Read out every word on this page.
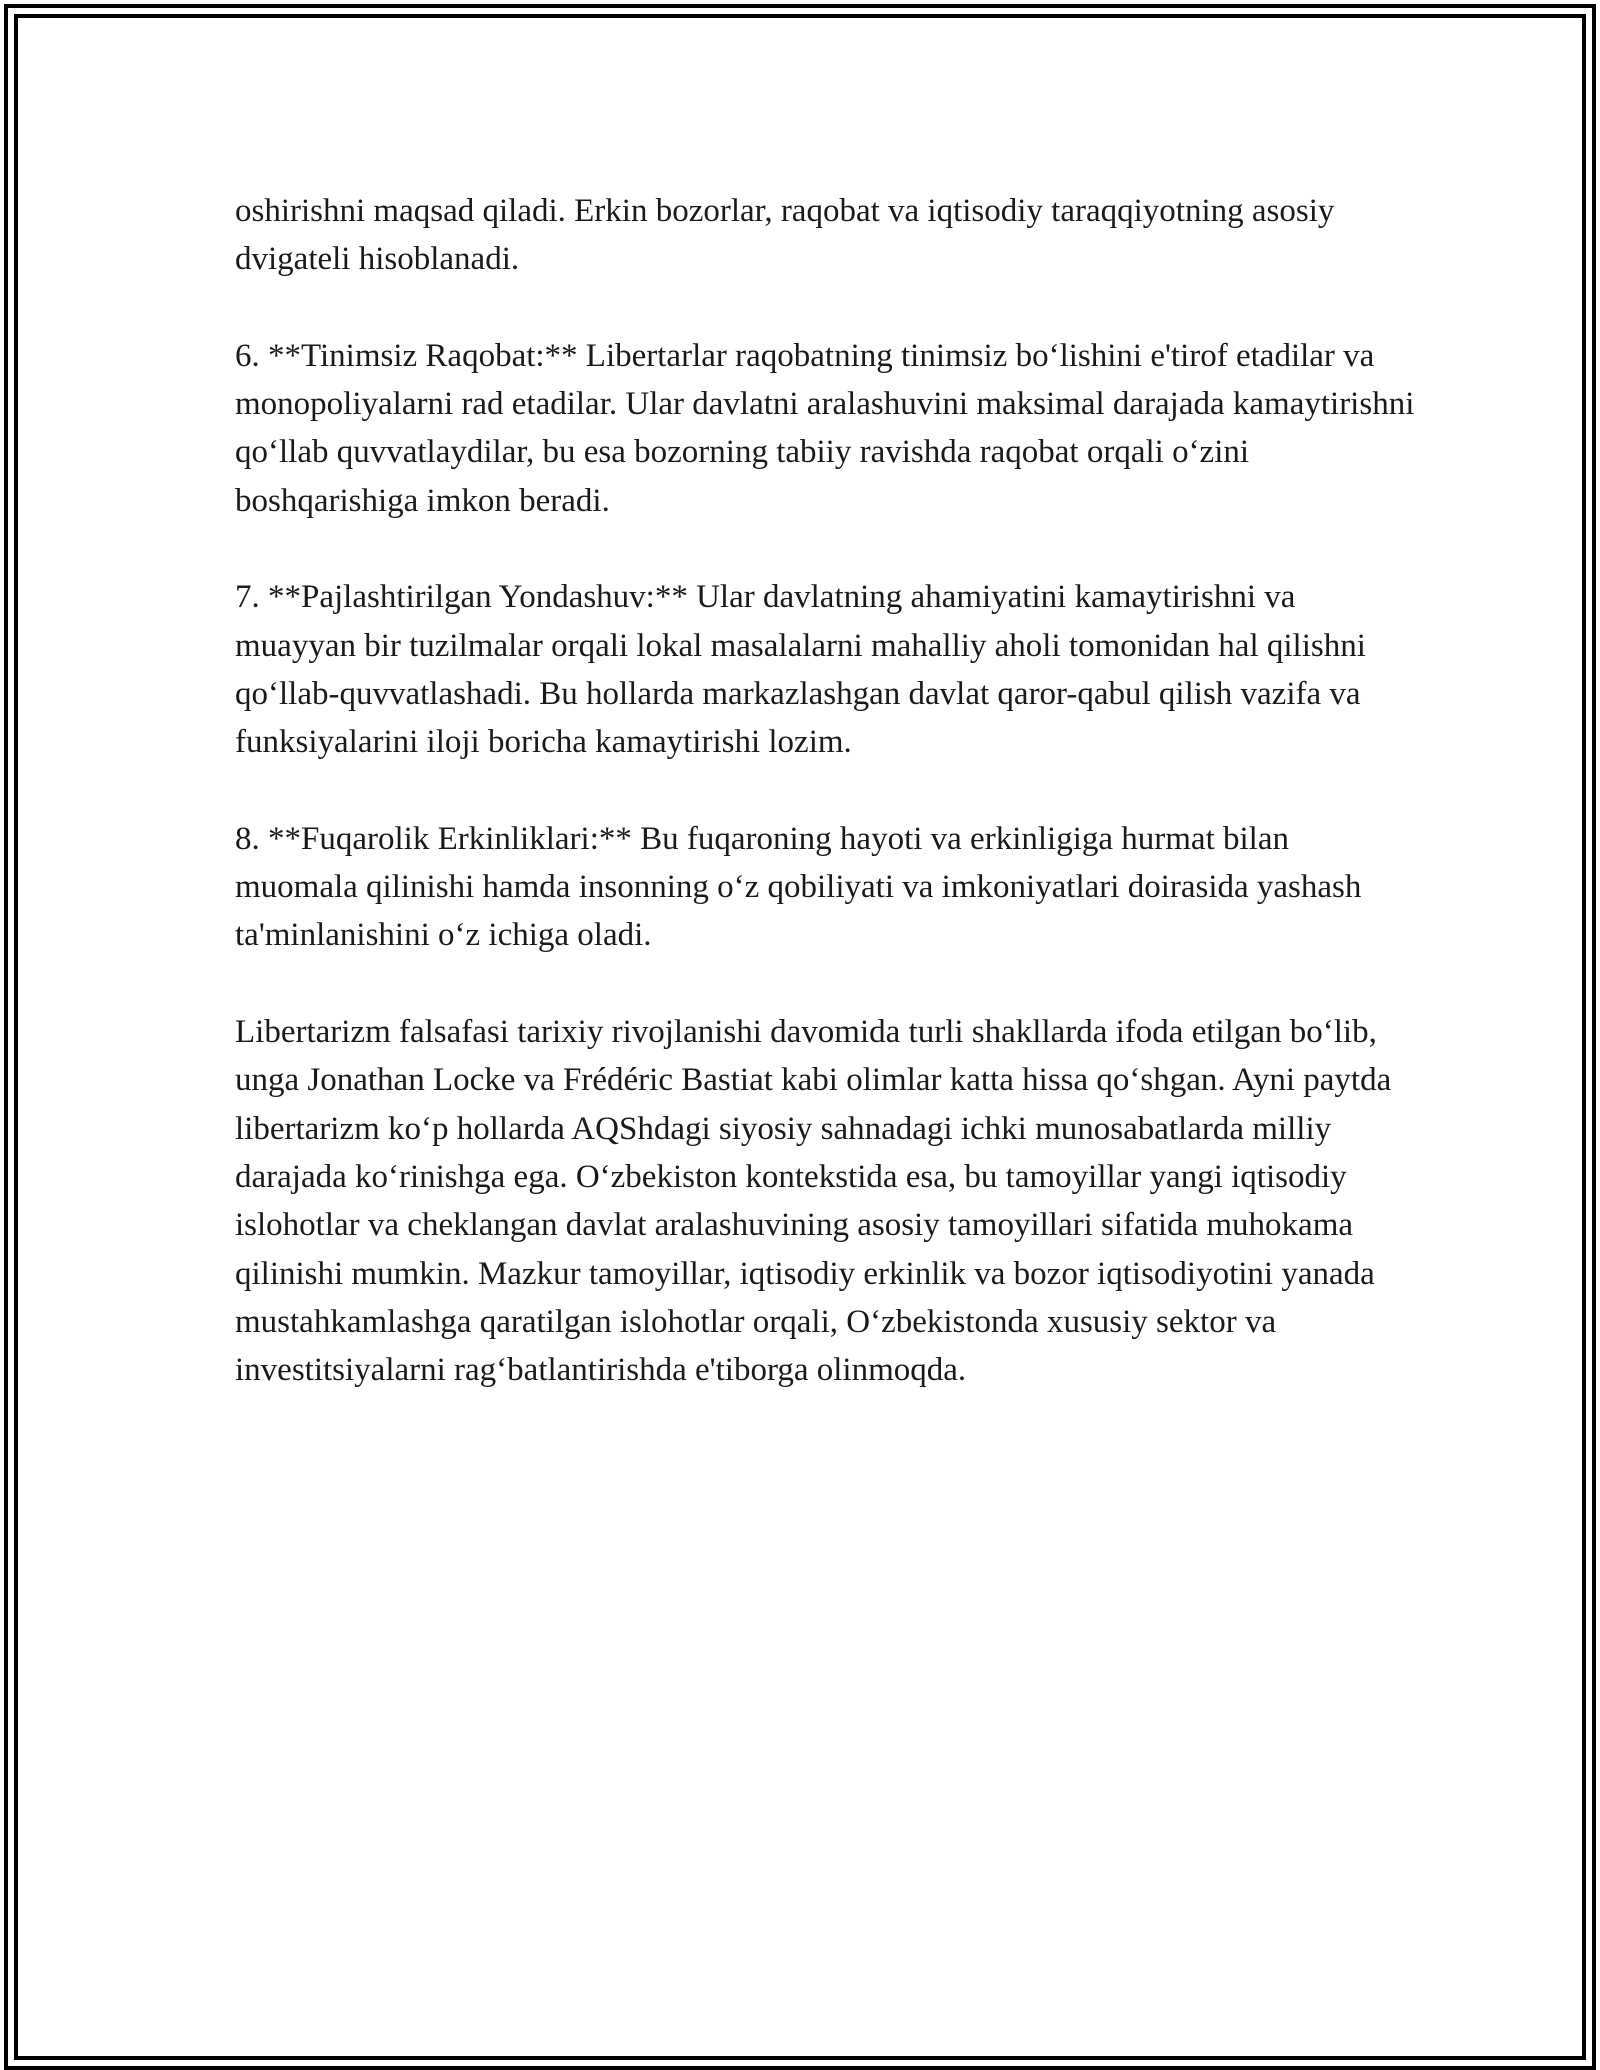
oshirishni maqsad qiladi. Erkin bozorlar, raqobat va iqtisodiy taraqqiyotning asosiy dvigateli hisoblanadi.

6. **Tinimsiz Raqobat:** Libertarlar raqobatning tinimsiz bo‘lishini e'tirof etadilar va monopoliyalarni rad etadilar. Ular davlatni aralashuvini maksimal darajada kamaytirishni qo‘llab quvvatlaydilar, bu esa bozorning tabiiy ravishda raqobat orqali o‘zini boshqarishiga imkon beradi.

7. **Pajlashtirilgan Yondashuv:** Ular davlatning ahamiyatini kamaytirishni va muayyan bir tuzilmalar orqali lokal masalalarni mahalliy aholi tomonidan hal qilishni qo‘llab-quvvatlashadi. Bu hollarda markazlashgan davlat qaror-qabul qilish vazifa va funksiyalarini iloji boricha kamaytirishi lozim.

8. **Fuqarolik Erkinliklari:** Bu fuqaroning hayoti va erkinligiga hurmat bilan muomala qilinishi hamda insonning o‘z qobiliyati va imkoniyatlari doirasida yashash ta'minlanishini o‘z ichiga oladi.

Libertarizm falsafasi tarixiy rivojlanishi davomida turli shakllarda ifoda etilgan bo‘lib, unga Jonathan Locke va Frédéric Bastiat kabi olimlar katta hissa qo‘shgan. Ayni paytda libertarizm ko‘p hollarda AQShdagi siyosiy sahnadagi ichki munosabatlarda milliy darajada ko‘rinishga ega. O‘zbekiston kontekstida esa, bu tamoyillar yangi iqtisodiy islohotlar va cheklangan davlat aralashuvining asosiy tamoyillari sifatida muhokama qilinishi mumkin. Mazkur tamoyillar, iqtisodiy erkinlik va bozor iqtisodiyotini yanada mustahkamlashga qaratilgan islohotlar orqali, O‘zbekistonda xususiy sektor va investitsiyalarni rag‘batlantirishda e'tiborga olinmoqda.
